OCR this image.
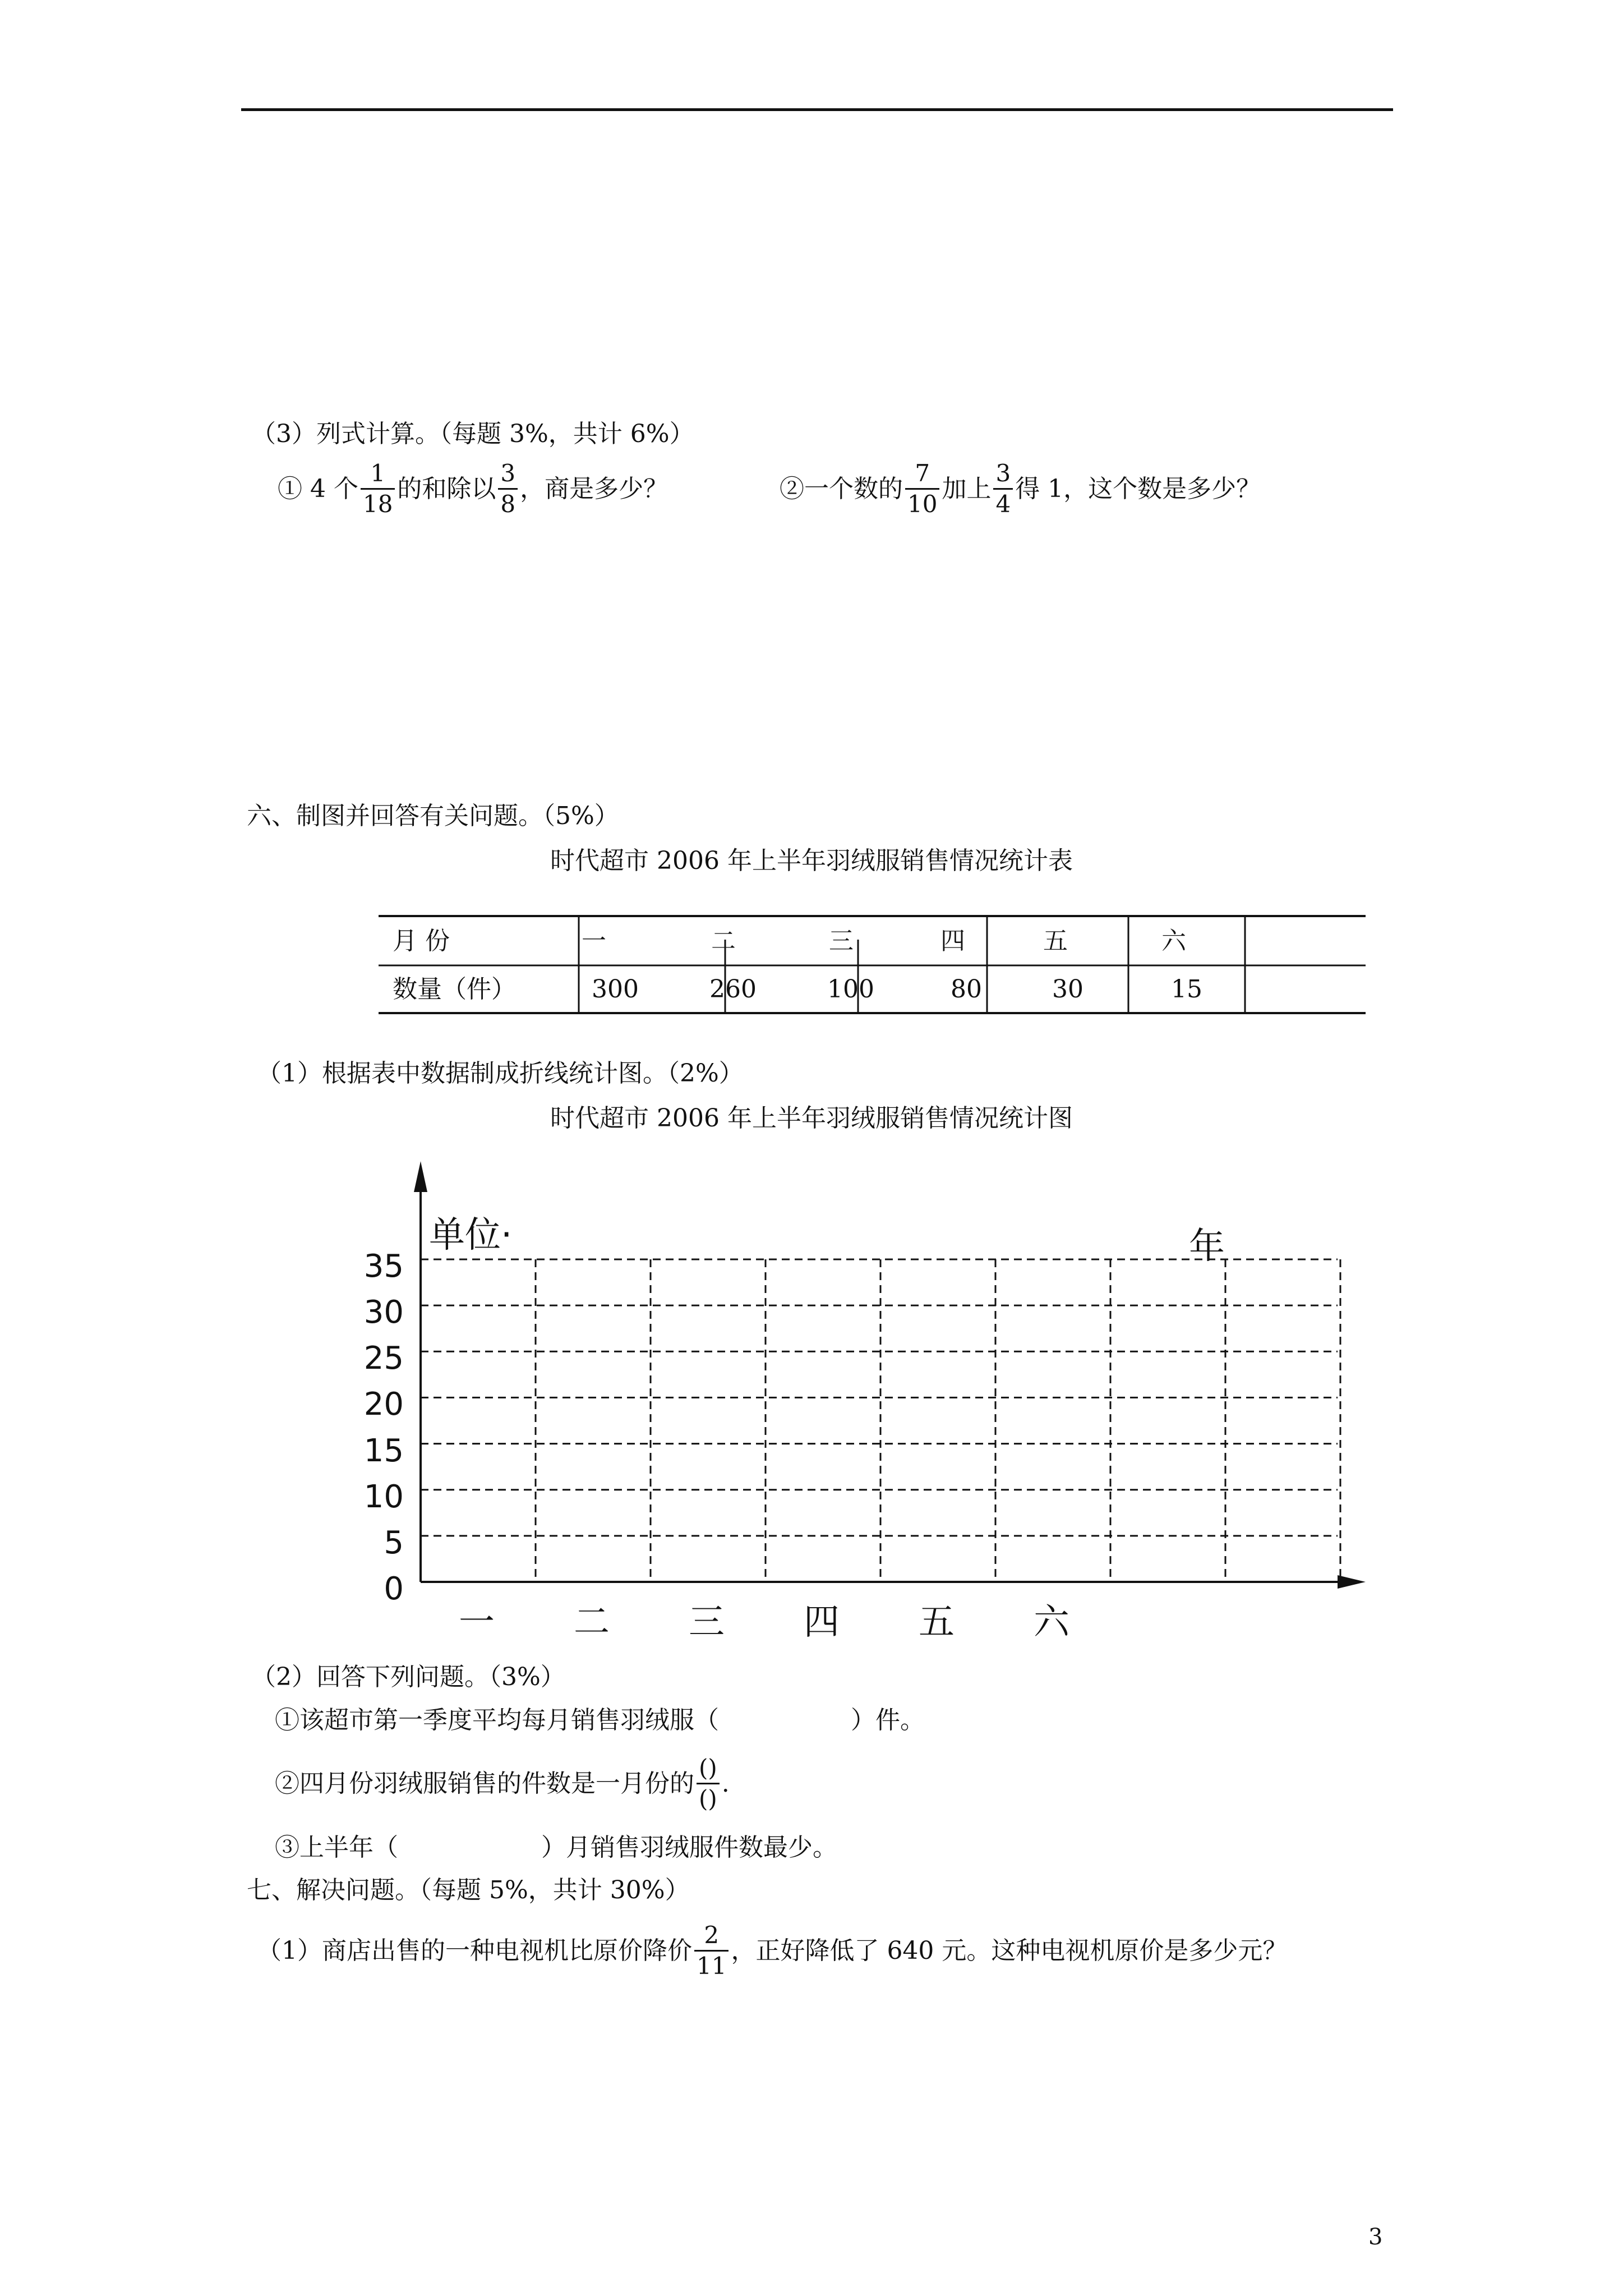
（3）列式计算。（每题 3%，共计 6%）
① 4 个 $\frac{1}{18}$ 的和除以 $\frac{3}{8}$ ，商是多少？	②一个数的 $\frac{7}{10}$ 加上 $\frac{3}{4}$ 得 1，这个数是多少？
六、制图并回答有关问题。（5%）
时代超市 2006 年上半年羽绒服销售情况统计表
月 份	一	二	三	四	五	六
数量（件）	300	260	100	80	30	15
（1）根据表中数据制成折线统计图。（2%）
时代超市 2006 年上半年羽绒服销售情况统计图
单位·	年
0
5
10
15
20
25
30
35
一	二	三	四	五	六
（2）回答下列问题。（3%）
①该超市第一季度平均每月销售羽绒服（	）件。
②四月份羽绒服销售的件数是一月份的 $\frac{()}{()}$ .
③上半年（	）月销售羽绒服件数最少。
七、解决问题。（每题 5%，共计 30%）
（1）商店出售的一种电视机比原价降价 $\frac{2}{11}$ ，正好降低了 640 元。这种电视机原价是多少元？
3
